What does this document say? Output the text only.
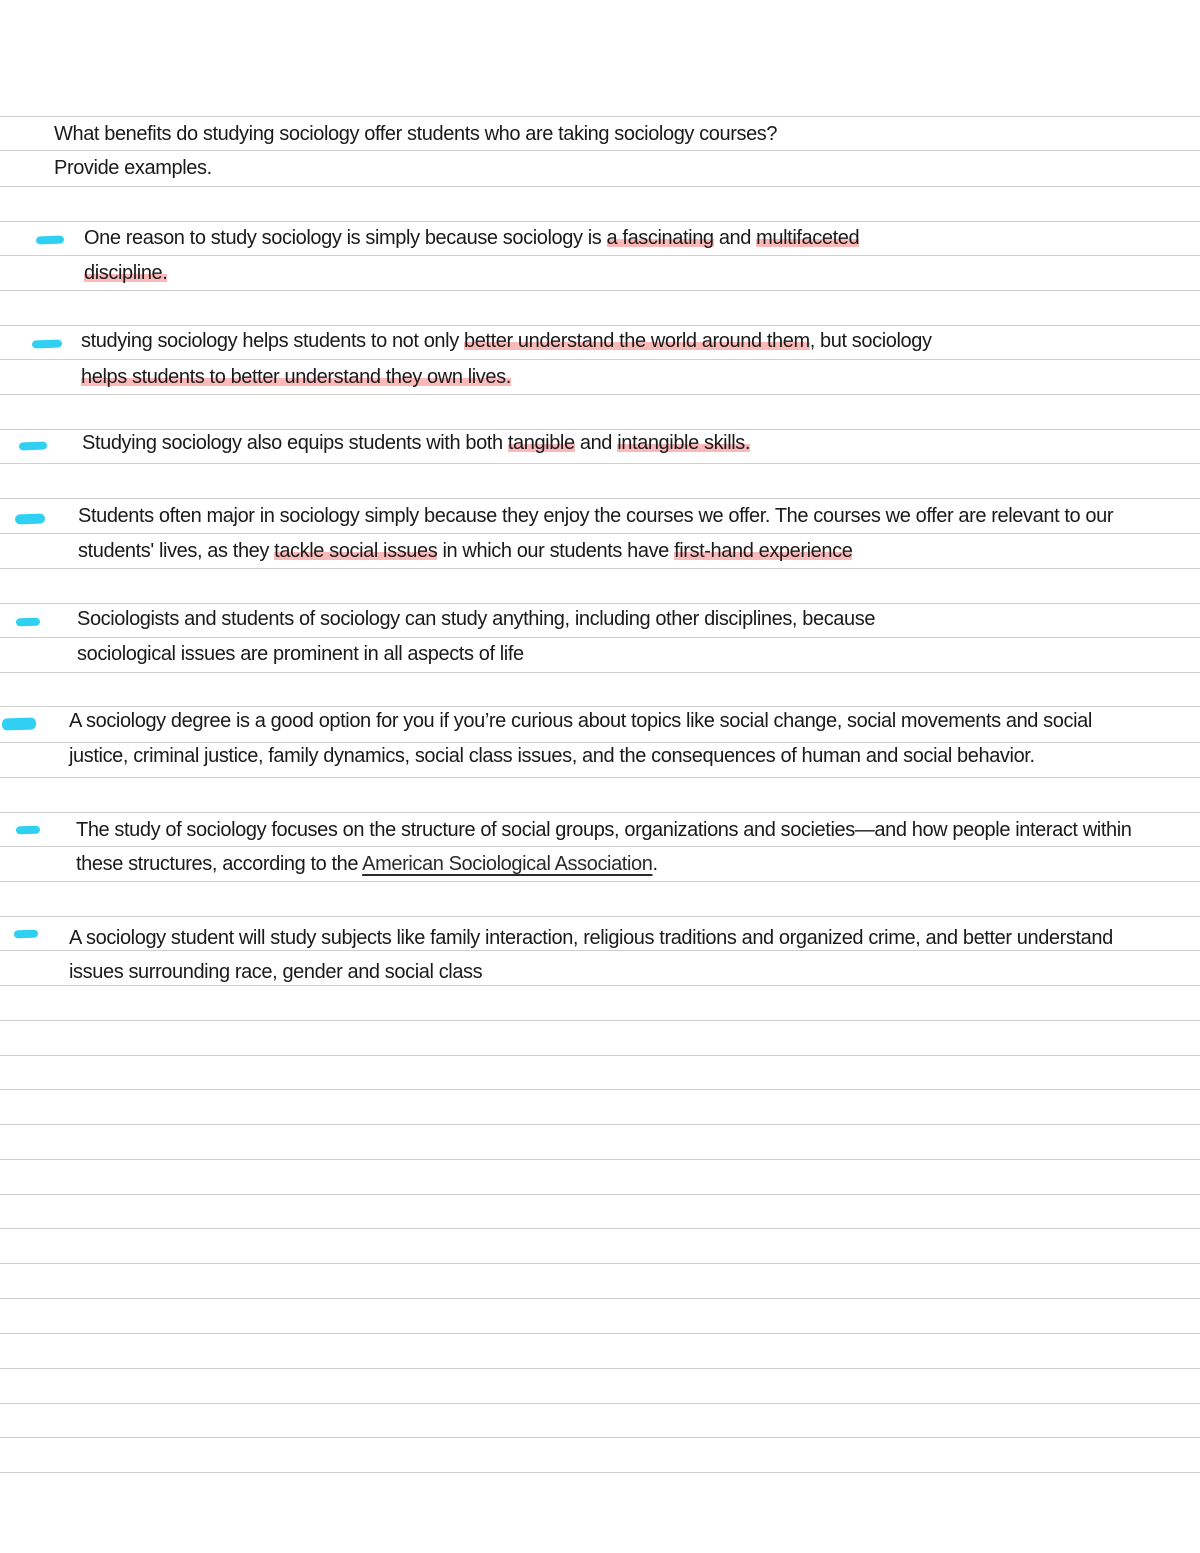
What benefits do studying sociology offer students who are taking sociology courses?
Provide examples.
One reason to study sociology is simply because sociology is a fascinating and multifaceted
discipline.
studying sociology helps students to not only better understand the world around them, but sociology
helps students to better understand they own lives.
Studying sociology also equips students with both tangible and intangible skills.
Students often major in sociology simply because they enjoy the courses we offer. The courses we offer are relevant to our
students' lives, as they tackle social issues in which our students have first-hand experience
Sociologists and students of sociology can study anything, including other disciplines, because
sociological issues are prominent in all aspects of life
A sociology degree is a good option for you if you’re curious about topics like social change, social movements and social
justice, criminal justice, family dynamics, social class issues, and the consequences of human and social behavior.
The study of sociology focuses on the structure of social groups, organizations and societies—and how people interact within
these structures, according to the American Sociological Association.
A sociology student will study subjects like family interaction, religious traditions and organized crime, and better understand
issues surrounding race, gender and social class
